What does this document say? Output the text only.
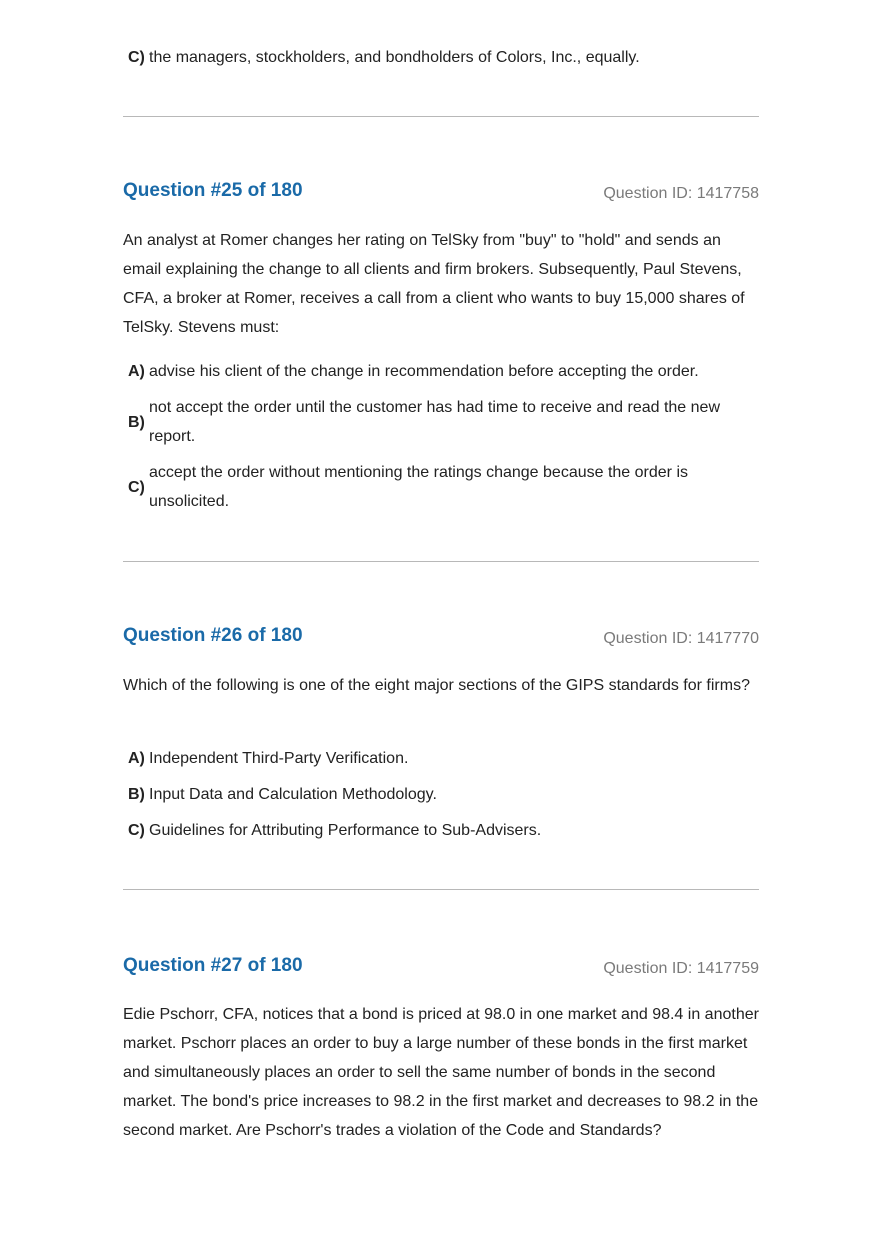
C) the managers, stockholders, and bondholders of Colors, Inc., equally.
Question #25 of 180	Question ID: 1417758
An analyst at Romer changes her rating on TelSky from "buy" to "hold" and sends an email explaining the change to all clients and firm brokers. Subsequently, Paul Stevens, CFA, a broker at Romer, receives a call from a client who wants to buy 15,000 shares of TelSky. Stevens must:
A) advise his client of the change in recommendation before accepting the order.
B)
not accept the order until the customer has had time to receive and read the new report.
C)
accept the order without mentioning the ratings change because the order is unsolicited.
Question #26 of 180	Question ID: 1417770
Which of the following is one of the eight major sections of the GIPS standards for firms?
A) Independent Third-Party Verification.
B) Input Data and Calculation Methodology.
C) Guidelines for Attributing Performance to Sub-Advisers.
Question #27 of 180	Question ID: 1417759
Edie Pschorr, CFA, notices that a bond is priced at 98.0 in one market and 98.4 in another market. Pschorr places an order to buy a large number of these bonds in the first market and simultaneously places an order to sell the same number of bonds in the second market. The bond's price increases to 98.2 in the first market and decreases to 98.2 in the second market. Are Pschorr's trades a violation of the Code and Standards?
